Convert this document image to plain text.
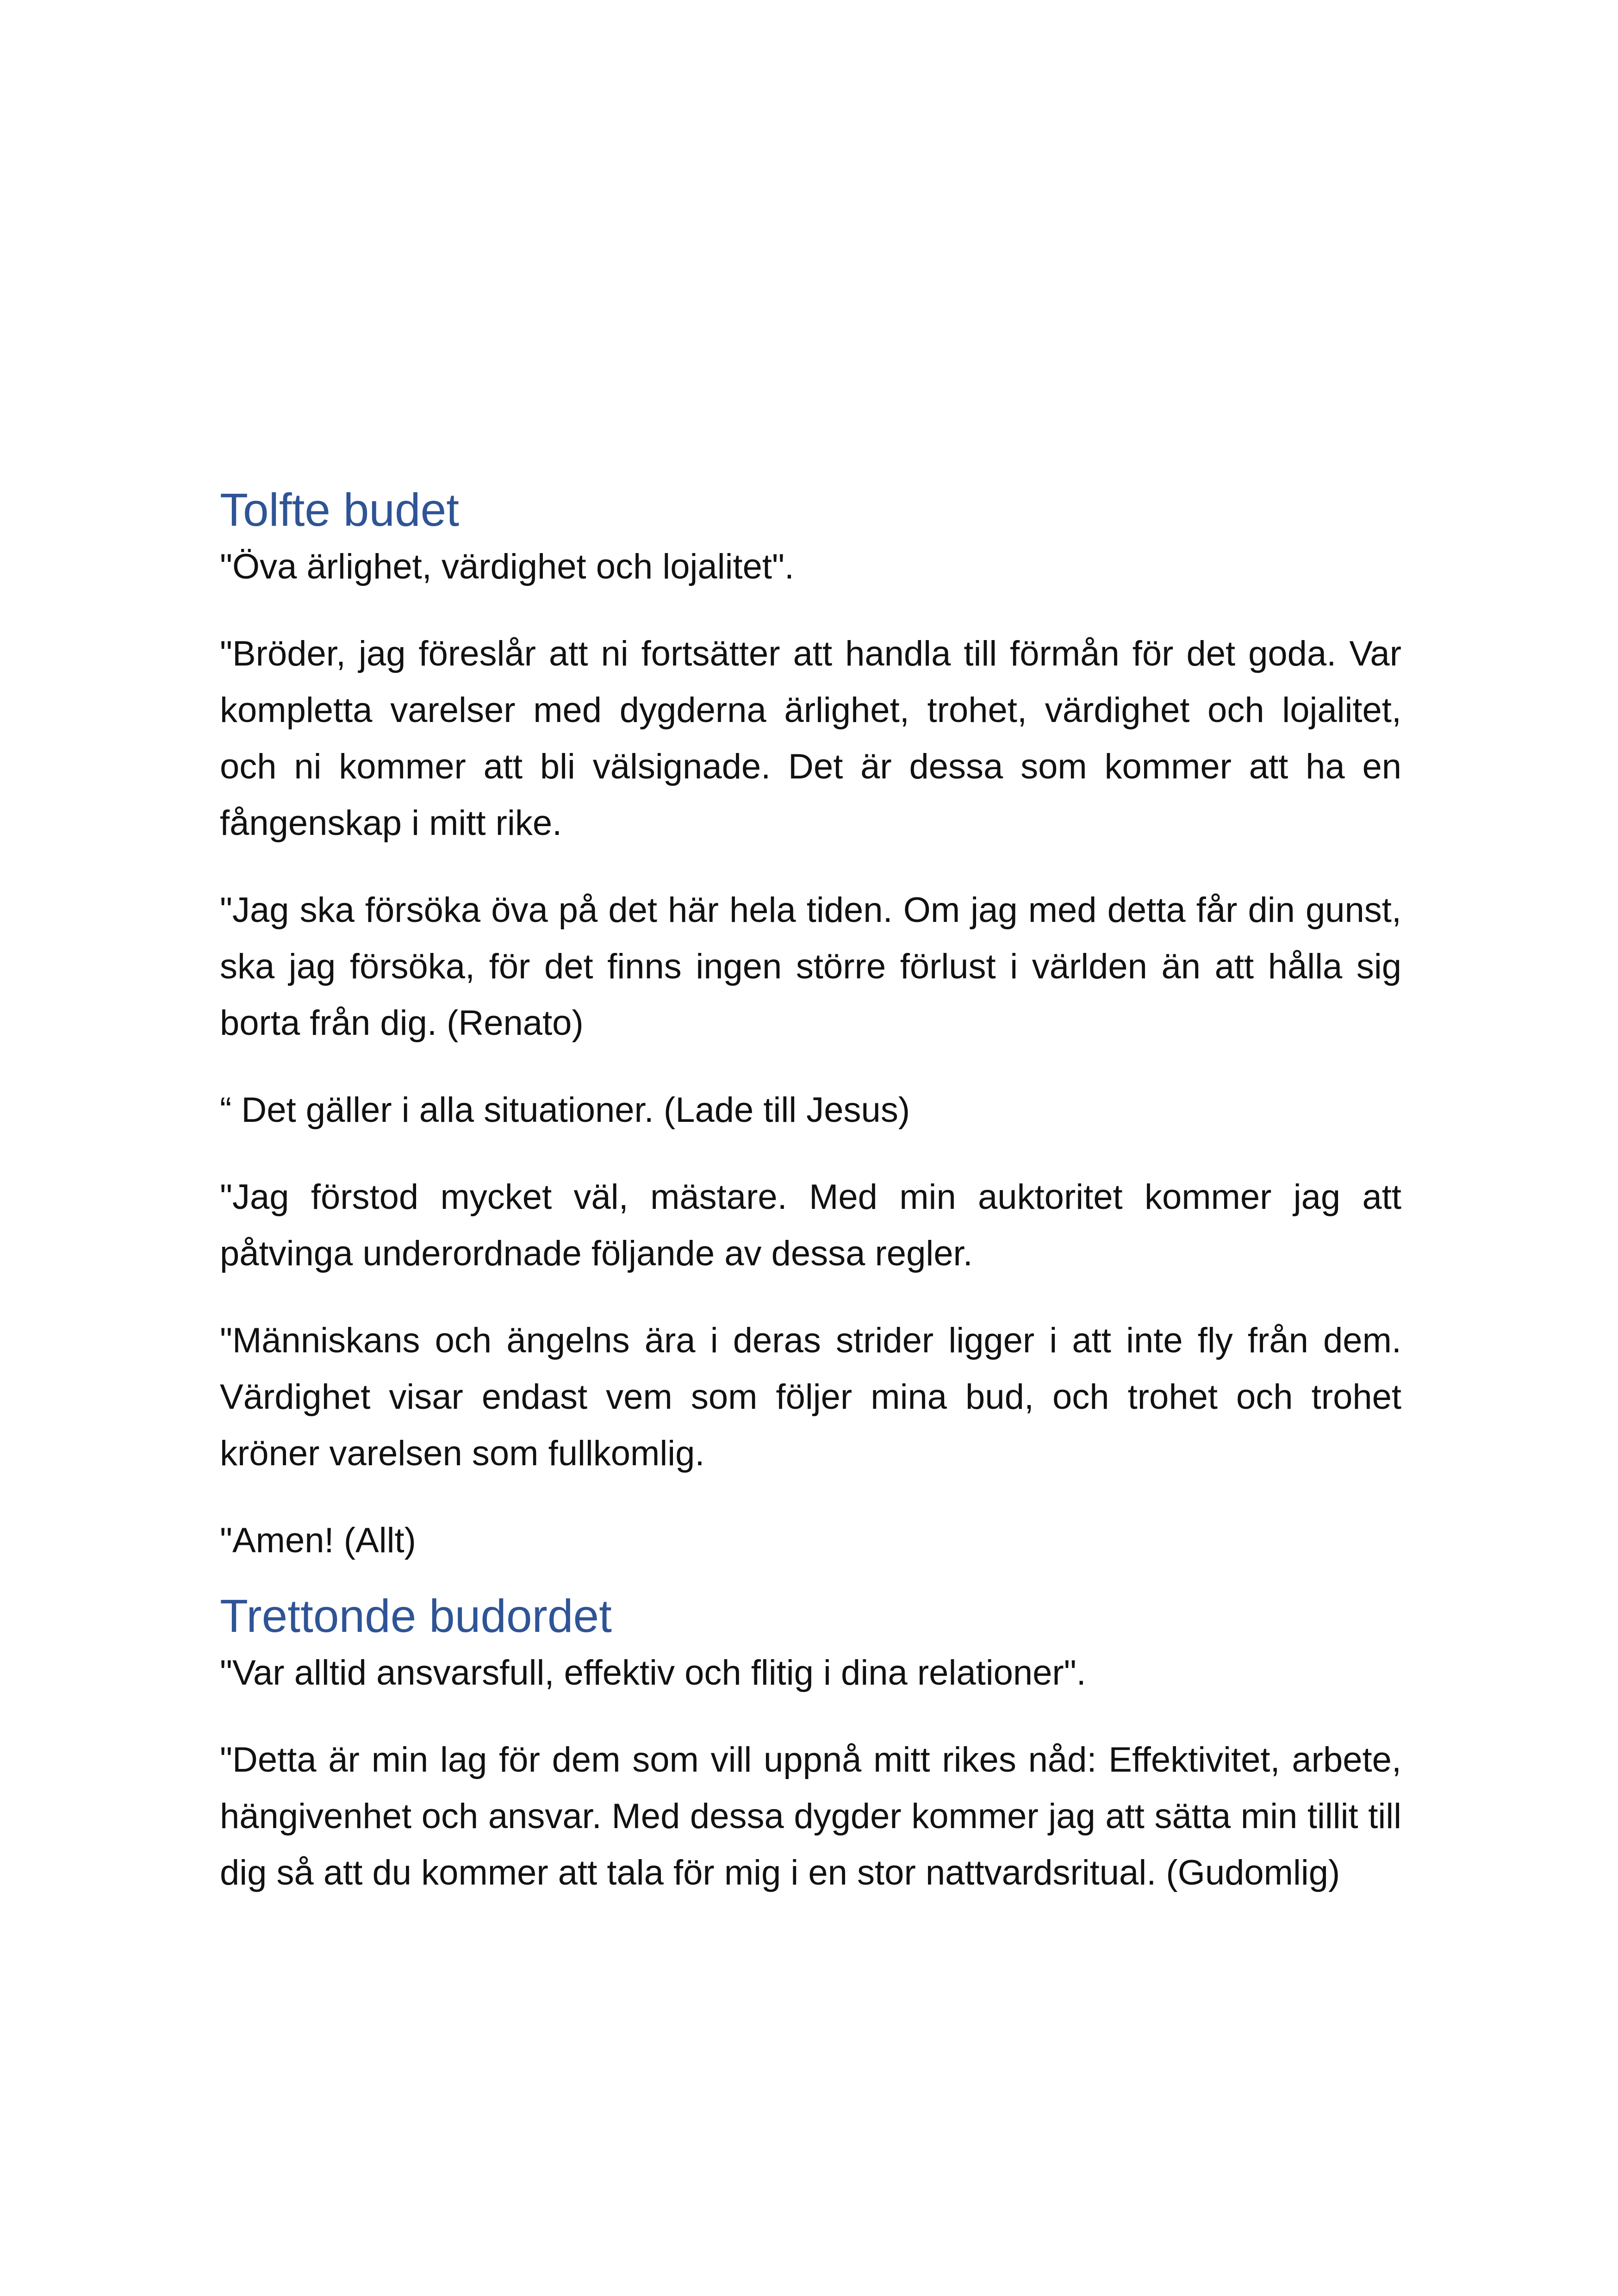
Tolfte budet

"Öva ärlighet, värdighet och lojalitet".

"Bröder, jag föreslår att ni fortsätter att handla till förmån för det goda. Var kompletta varelser med dygderna ärlighet, trohet, värdighet och lojalitet, och ni kommer att bli välsignade. Det är dessa som kommer att ha en fångenskap i mitt rike.

"Jag ska försöka öva på det här hela tiden. Om jag med detta får din gunst, ska jag försöka, för det finns ingen större förlust i världen än att hålla sig borta från dig. (Renato)

“ Det gäller i alla situationer. (Lade till Jesus)

"Jag förstod mycket väl, mästare. Med min auktoritet kommer jag att påtvinga underordnade följande av dessa regler.

"Människans och ängelns ära i deras strider ligger i att inte fly från dem. Värdighet visar endast vem som följer mina bud, och trohet och trohet kröner varelsen som fullkomlig.

"Amen! (Allt)

Trettonde budordet

"Var alltid ansvarsfull, effektiv och flitig i dina relationer".

"Detta är min lag för dem som vill uppnå mitt rikes nåd: Effektivitet, arbete, hängivenhet och ansvar. Med dessa dygder kommer jag att sätta min tillit till dig så att du kommer att tala för mig i en stor nattvardsritual. (Gudomlig)
